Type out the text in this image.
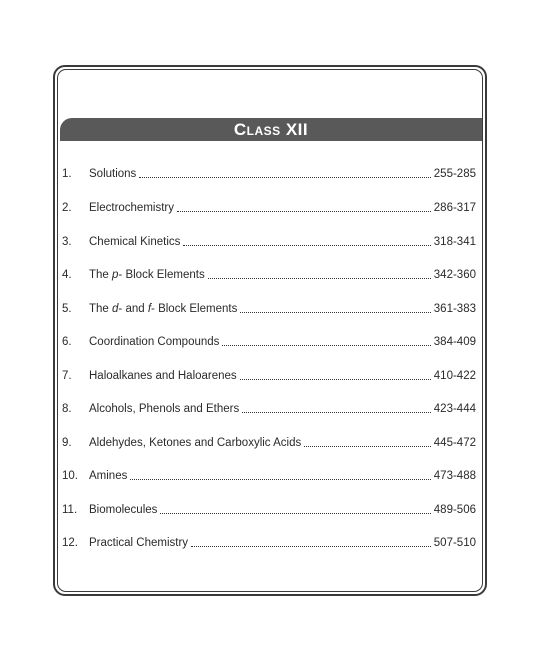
Class XII
1.	Solutions	255-285
2.	Electrochemistry	286-317
3.	Chemical Kinetics	318-341
4.	The p- Block Elements	342-360
5.	The d- and f- Block Elements	361-383
6.	Coordination Compounds	384-409
7.	Haloalkanes and Haloarenes	410-422
8.	Alcohols, Phenols and Ethers	423-444
9.	Aldehydes, Ketones and Carboxylic Acids	445-472
10. Amines	473-488
11.	Biomolecules	489-506
12. Practical Chemistry	507-510
